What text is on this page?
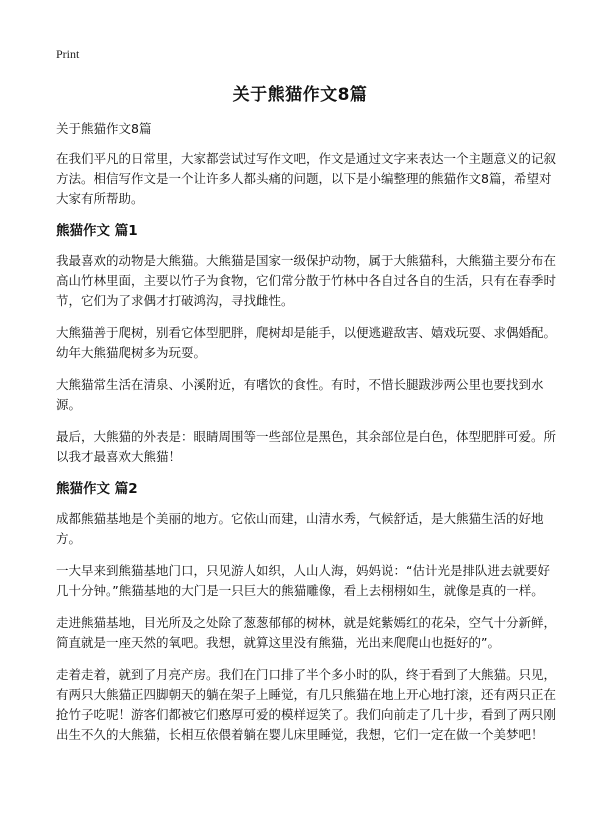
Print
关于熊猫作文8篇

关于熊猫作文8篇

在我们平凡的日常里，大家都尝试过写作文吧，作文是通过文字来表达一个主题意义的记叙方法。相信写作文是一个让许多人都头痛的问题，以下是小编整理的熊猫作文8篇，希望对大家有所帮助。

熊猫作文 篇1

我最喜欢的动物是大熊猫。大熊猫是国家一级保护动物，属于大熊猫科，大熊猫主要分布在高山竹林里面，主要以竹子为食物，它们常分散于竹林中各自过各自的生活，只有在春季时节，它们为了求偶才打破鸿沟，寻找雌性。

大熊猫善于爬树，别看它体型肥胖，爬树却是能手，以便逃避敌害、嬉戏玩耍、求偶婚配。幼年大熊猫爬树多为玩耍。

大熊猫常生活在清泉、小溪附近，有嗜饮的食性。有时，不惜长腿跋涉两公里也要找到水源。

最后，大熊猫的外表是：眼睛周围等一些部位是黑色，其余部位是白色，体型肥胖可爱。所以我才最喜欢大熊猫！

熊猫作文 篇2

成都熊猫基地是个美丽的地方。它依山而建，山清水秀，气候舒适，是大熊猫生活的好地方。

一大早来到熊猫基地门口，只见游人如织，人山人海，妈妈说：“估计光是排队进去就要好几十分钟。”熊猫基地的大门是一只巨大的熊猫雕像，看上去栩栩如生，就像是真的一样。

走进熊猫基地，目光所及之处除了葱葱郁郁的树林，就是姹紫嫣红的花朵，空气十分新鲜，简直就是一座天然的氧吧。我想，就算这里没有熊猫，光出来爬爬山也挺好的”。

走着走着，就到了月亮产房。我们在门口排了半个多小时的队，终于看到了大熊猫。只见，有两只大熊猫正四脚朝天的躺在架子上睡觉，有几只熊猫在地上开心地打滚，还有两只正在抢竹子吃呢！游客们都被它们憨厚可爱的模样逗笑了。我们向前走了几十步，看到了两只刚出生不久的大熊猫，长相互依偎着躺在婴儿床里睡觉，我想，它们一定在做一个美梦吧！
